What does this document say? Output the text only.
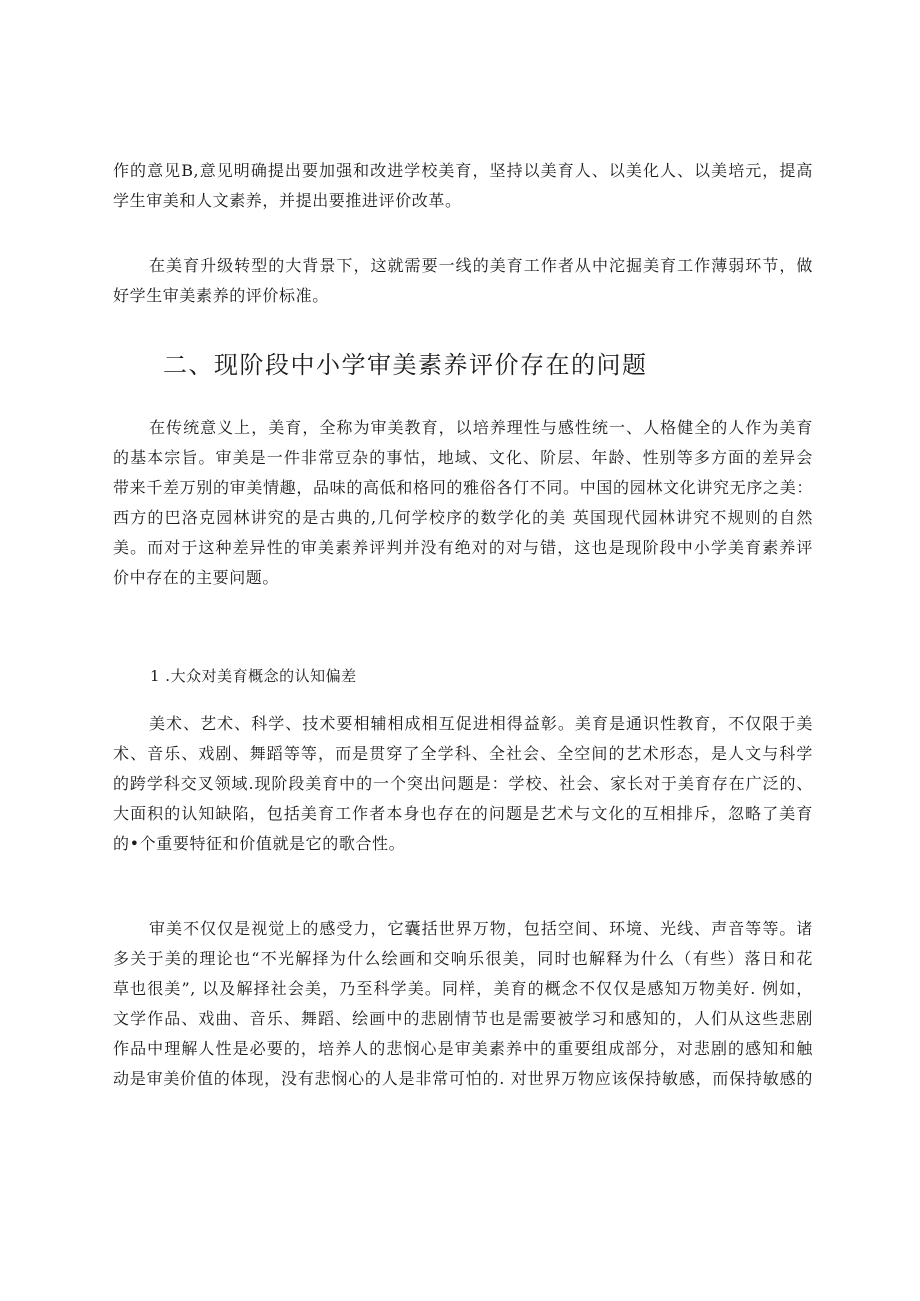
作的意见B,意见明确提出要加强和改进学校美育，坚持以美育人、以美化人、以美培元，提高
学生审美和人文素养，并提出要推进评价改革。
在美育升级转型的大背景下，这就需要一线的美育工作者从中沱掘美育工作薄弱环节，做
好学生审美素养的评价标准。
二、现阶段中小学审美素养评价存在的问题
在传统意义上，美育，全称为审美教育，以培养理性与感性统一、人格健全的人作为美育
的基本宗旨。审美是一件非常豆杂的事怙，地域、文化、阶层、年龄、性别等多方面的差异会
带来千差万别的审美情趣，品味的高低和格冋的雅俗各仃不同。中国的园林文化讲究无序之美：
西方的巴洛克园林讲究的是古典的,几何学校序的数学化的美 英国现代园林讲究不规则的自然
美。而对于这种差异性的审美素养评判并没有绝对的对与错，这也是现阶段中小学美育素养评
价中存在的主要问题。

1 .大众对美育概念的认知偏差

美术、艺术、科学、技术要相辅相成相互促进相得益彰。美育是通识性教育，不仅限于美
术、音乐、戏剧、舞蹈等等，而是贯穿了全学科、全社会、全空间的艺术形态，是人文与科学
的跨学科交叉领域.现阶段美育中的一个突出问题是：学校、社会、家长对于美育存在广泛的、
大面积的认知缺陷，包括美育工作者本身也存在的问题是艺术与文化的互相排斥，忽略了美育
的•个重要特征和价值就是它的歌合性。
审美不仅仅是视觉上的感受力，它囊括世界万物，包括空间、环境、光线、声音等等。诸
多关于美的理论也“不光解择为什么绘画和交响乐很美，同时也解释为什么（有些）落日和花
草也很美”, 以及解择社会美，乃至科学美。同样，美育的概念不仅仅是感知万物美好. 例如，
文学作品、戏曲、音乐、舞蹈、绘画中的悲剧情节也是需要被学习和感知的，人们从这些悲剧
作品中理解人性是必要的，培养人的悲悯心是审美素养中的重要组成部分，对悲剧的感知和触
动是审美价值的体现，没有悲悯心的人是非常可怕的. 对世界万物应该保持敏感，而保持敏感的
